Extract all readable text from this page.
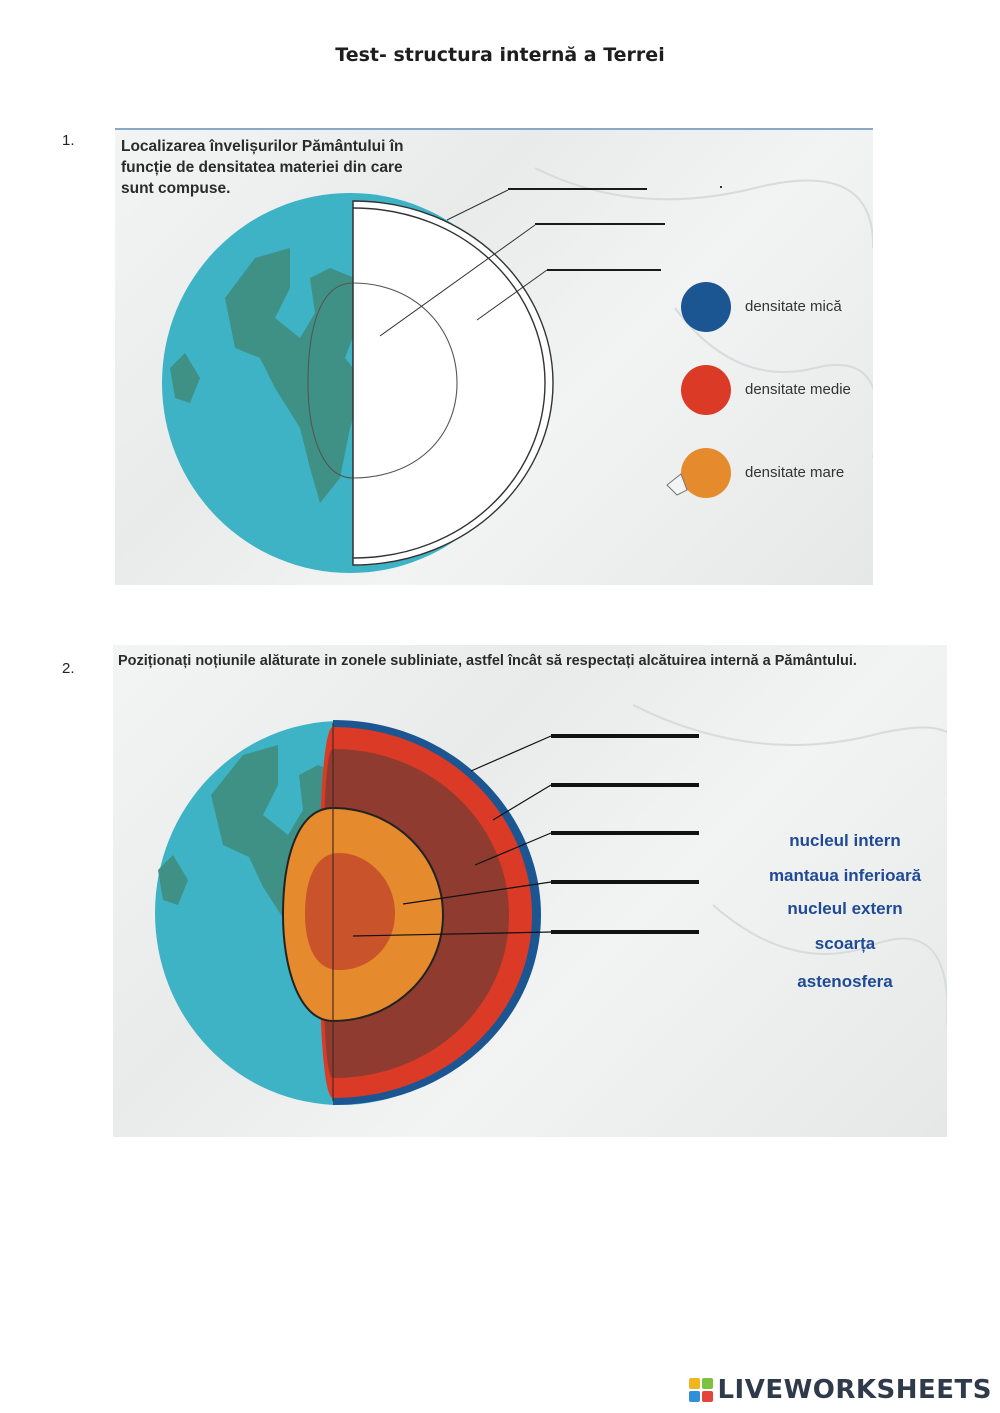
Test- structura internă a Terrei
1.	Localizarea învelișurilor Pământului în
funcție de densitatea materiei din care
sunt compuse.
densitate mică
densitate medie
densitate mare
2.	Poziționați noțiunile alăturate in zonele subliniate, astfel încât să respectați alcătuirea internă a Pământului.
nucleul intern
mantaua inferioară
nucleul extern
scoarța
astenosfera
LIVEWORKSHEETS
